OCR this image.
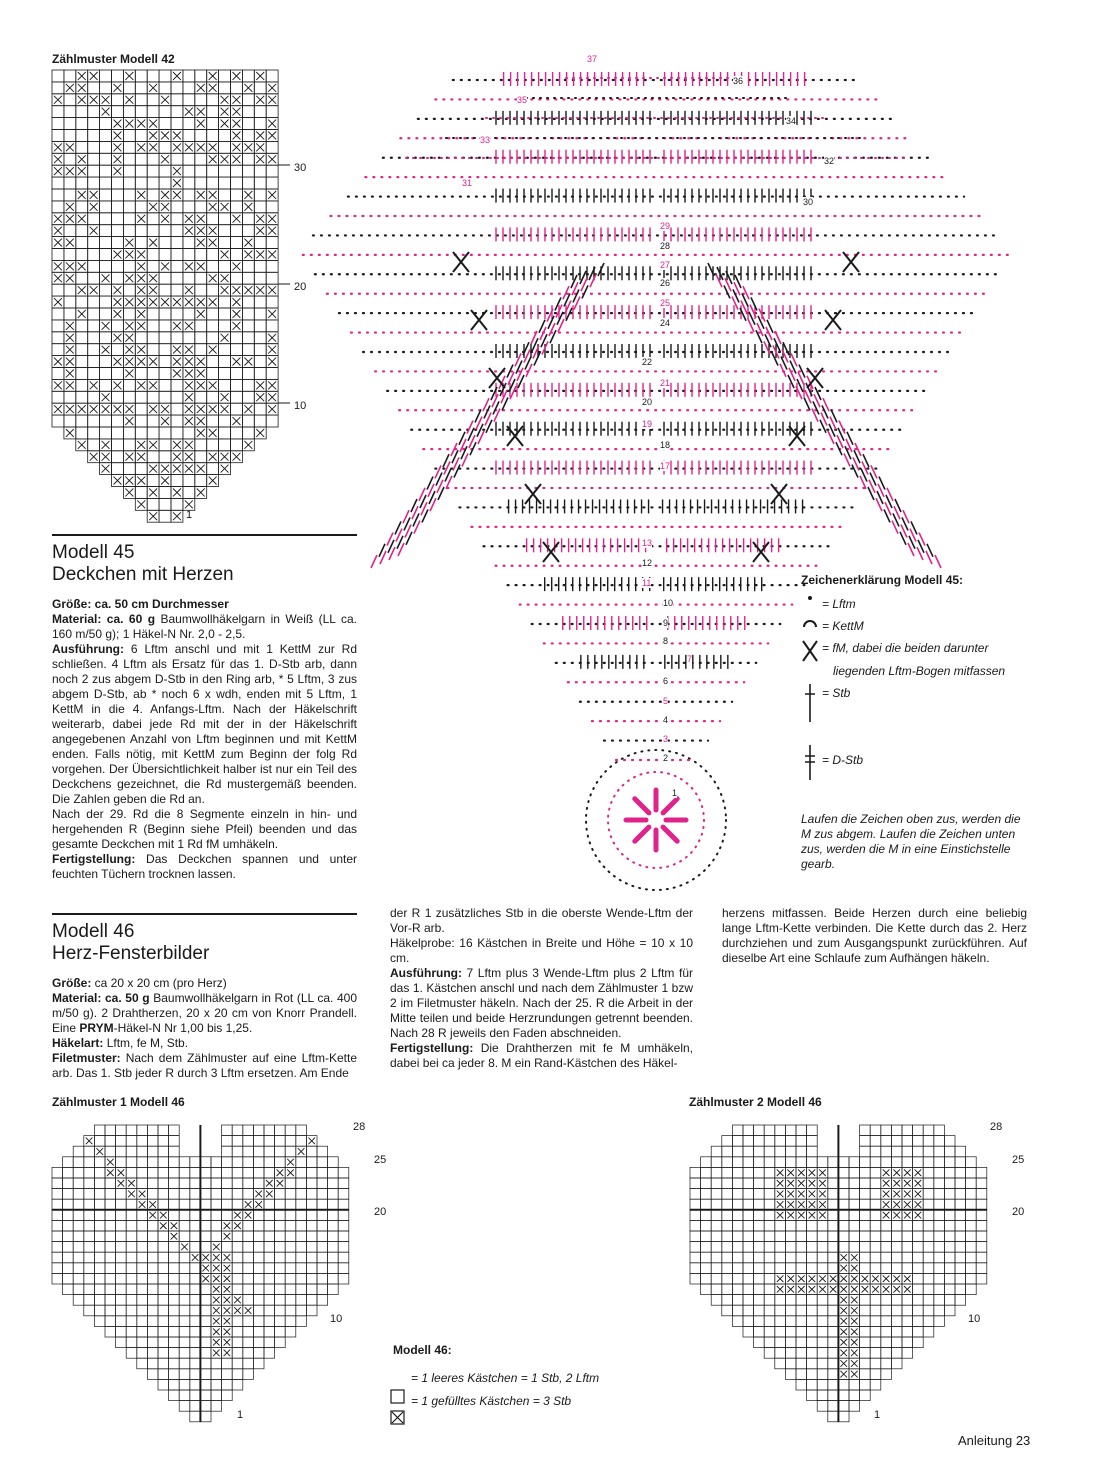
Zählmuster Modell 42
30
20
10
1
Modell 45
Deckchen mit Herzen
Größe: ca. 50 cm Durchmesser
Material: ca. 60 g Baumwollhäkelgarn in Weiß (LL ca. 160 m/50 g); 1 Häkel-N Nr. 2,0 - 2,5.
Ausführung: 6 Lftm anschl und mit 1 KettM zur Rd schließen. 4 Lftm als Ersatz für das 1. D-Stb arb, dann noch 2 zus abgem D-Stb in den Ring arb, * 5 Lftm, 3 zus abgem D-Stb, ab * noch 6 x wdh, enden mit 5 Lftm, 1 KettM in die 4. Anfangs-Lftm. Nach der Häkelschrift weiterarb, dabei jede Rd mit der in der Häkelschrift angegebenen Anzahl von Lftm beginnen und mit KettM enden. Falls nötig, mit KettM zum Beginn der folg Rd vorgehen. Der Übersichtlichkeit halber ist nur ein Teil des Deckchens gezeichnet, die Rd mustergemäß beenden. Die Zahlen geben die Rd an.
Nach der 29. Rd die 8 Segmente einzeln in hin- und hergehenden R (Beginn siehe Pfeil) beenden und das gesamte Deckchen mit 1 Rd fM umhäkeln.
Fertigstellung: Das Deckchen spannen und unter feuchten Tüchern trocknen lassen.
Modell 46
Herz-Fensterbilder
Größe: ca 20 x 20 cm (pro Herz)
Material: ca. 50 g Baumwollhäkelgarn in Rot (LL ca. 400 m/50 g). 2 Drahtherzen, 20 x 20 cm von Knorr Prandell. Eine PRYM-Häkel-N Nr 1,00 bis 1,25.
Häkelart: Lftm, fe M, Stb.
Filetmuster: Nach dem Zählmuster auf eine Lftm-Kette arb. Das 1. Stb jeder R durch 3 Lftm ersetzen. Am Ende
der R 1 zusätzliches Stb in die oberste Wende-Lftm der Vor-R arb.
Häkelprobe: 16 Kästchen in Breite und Höhe = 10 x 10 cm.
Ausführung: 7 Lftm plus 3 Wende-Lftm plus 2 Lftm für das 1. Kästchen anschl und nach dem Zählmuster 1 bzw 2 im Filetmuster häkeln. Nach der 25. R die Arbeit in der Mitte teilen und beide Herzrundungen getrennt beenden. Nach 28 R jeweils den Faden abschneiden.
Fertigstellung: Die Drahtherzen mit fe M umhäkeln, dabei bei ca jeder 8. M ein Rand-Kästchen des Häkel-
herzens mitfassen. Beide Herzen durch eine beliebig lange Lftm-Kette verbinden. Die Kette durch das 2. Herz durchziehen und zum Ausgangspunkt zurückführen. Auf dieselbe Art eine Schlaufe zum Aufhängen häkeln.
1
2
3
4
5
6
7
8
9
10
11
12
13
17
18
19
20
21
22
24
25
26
27
28
29
30
31
32
33
34
35
36
37
Zeichenerklärung Modell 45:
= Lftm
= KettM
= fM, dabei die beiden darunter
liegenden Lftm-Bogen mitfassen
= Stb
= D-Stb
Laufen die Zeichen oben zus, werden die
M zus abgem. Laufen die Zeichen unten
zus, werden die M in eine Einstichstelle
gearb.
Zählmuster 1 Modell 46	Zählmuster 2 Modell 46
28
25
20
10
1
28
25
20
10
1
Modell 46:
= 1 leeres Kästchen = 1 Stb, 2 Lftm
= 1 gefülltes Kästchen = 3 Stb
Anleitung 23
